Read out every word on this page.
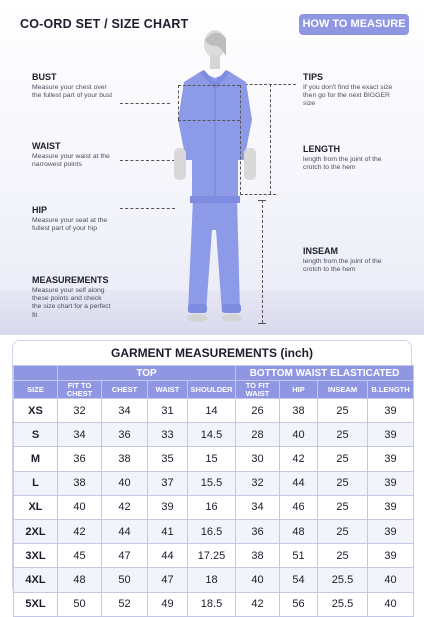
CO-ORD SET / SIZE CHART	HOW TO MEASURE
BUST
Measure your chest over the fullest part of your bust
WAIST
Measure your waist at the narrowest points
HIP
Measure your seat at the fullest part of your hip
MEASUREMENTS
Measure your self along these points and check the size chart for a perfect fit
TIPS
If you don't find the exact size then go for the next BIGGER size
LENGTH
length from the joint of the crotch to the hem
INSEAM
length from the joint of the crotch to the hem
GARMENT MEASUREMENTS (inch)
	TOP				BOTTOM WAIST ELASTICATED			
SIZE	FIT TO CHEST	CHEST	WAIST	SHOULDER	TO FIT WAIST	HIP	INSEAM	B.LENGTH
XS	32	34	31	14	26	38	25	39
S	34	36	33	14.5	28	40	25	39
M	36	38	35	15	30	42	25	39
L	38	40	37	15.5	32	44	25	39
XL	40	42	39	16	34	46	25	39
2XL	42	44	41	16.5	36	48	25	39
3XL	45	47	44	17.25	38	51	25	39
4XL	48	50	47	18	40	54	25.5	40
5XL	50	52	49	18.5	42	56	25.5	40
